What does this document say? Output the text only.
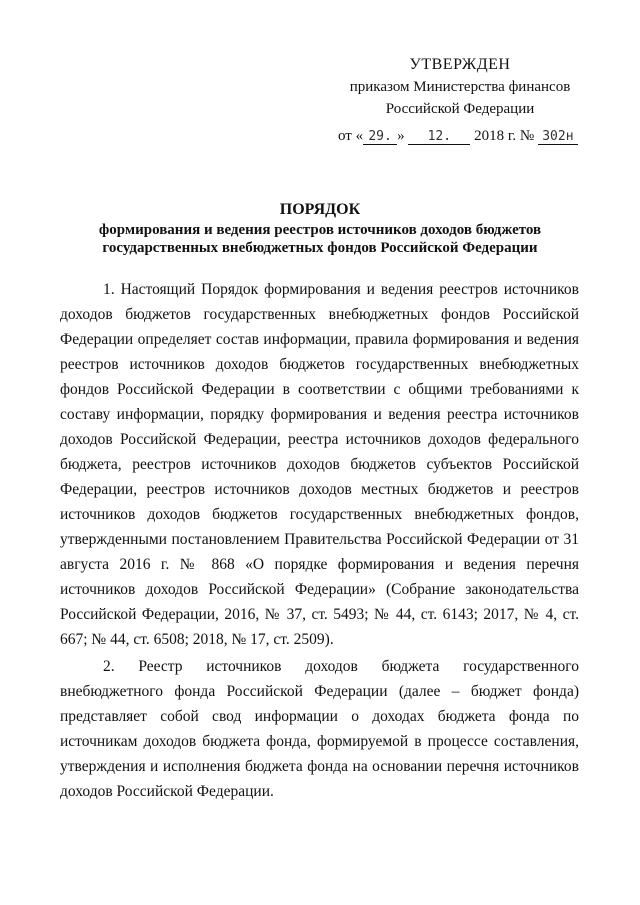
УТВЕРЖДЕН
приказом Министерства финансов
Российской Федерации
от « 29. » 12. 2018 г. № 302н
ПОРЯДОК
формирования и ведения реестров источников доходов бюджетов
государственных внебюджетных фондов Российской Федерации

1. Настоящий Порядок формирования и ведения реестров источников доходов бюджетов государственных внебюджетных фондов Российской Федерации определяет состав информации, правила формирования и ведения реестров источников доходов бюджетов государственных внебюджетных фондов Российской Федерации в соответствии с общими требованиями к составу информации, порядку формирования и ведения реестра источников доходов Российской Федерации, реестра источников доходов федерального бюджета, реестров источников доходов бюджетов субъектов Российской Федерации, реестров источников доходов местных бюджетов и реестров источников доходов бюджетов государственных внебюджетных фондов, утвержденными постановлением Правительства Российской Федерации от 31 августа 2016 г. № 868 «О порядке формирования и ведения перечня источников доходов Российской Федерации» (Собрание законодательства Российской Федерации, 2016, № 37, ст. 5493; № 44, ст. 6143; 2017, № 4, ст. 667; № 44, ст. 6508; 2018, № 17, ст. 2509).

2. Реестр источников доходов бюджета государственного внебюджетного фонда Российской Федерации (далее – бюджет фонда) представляет собой свод информации о доходах бюджета фонда по источникам доходов бюджета фонда, формируемой в процессе составления, утверждения и исполнения бюджета фонда на основании перечня источников доходов Российской Федерации.
